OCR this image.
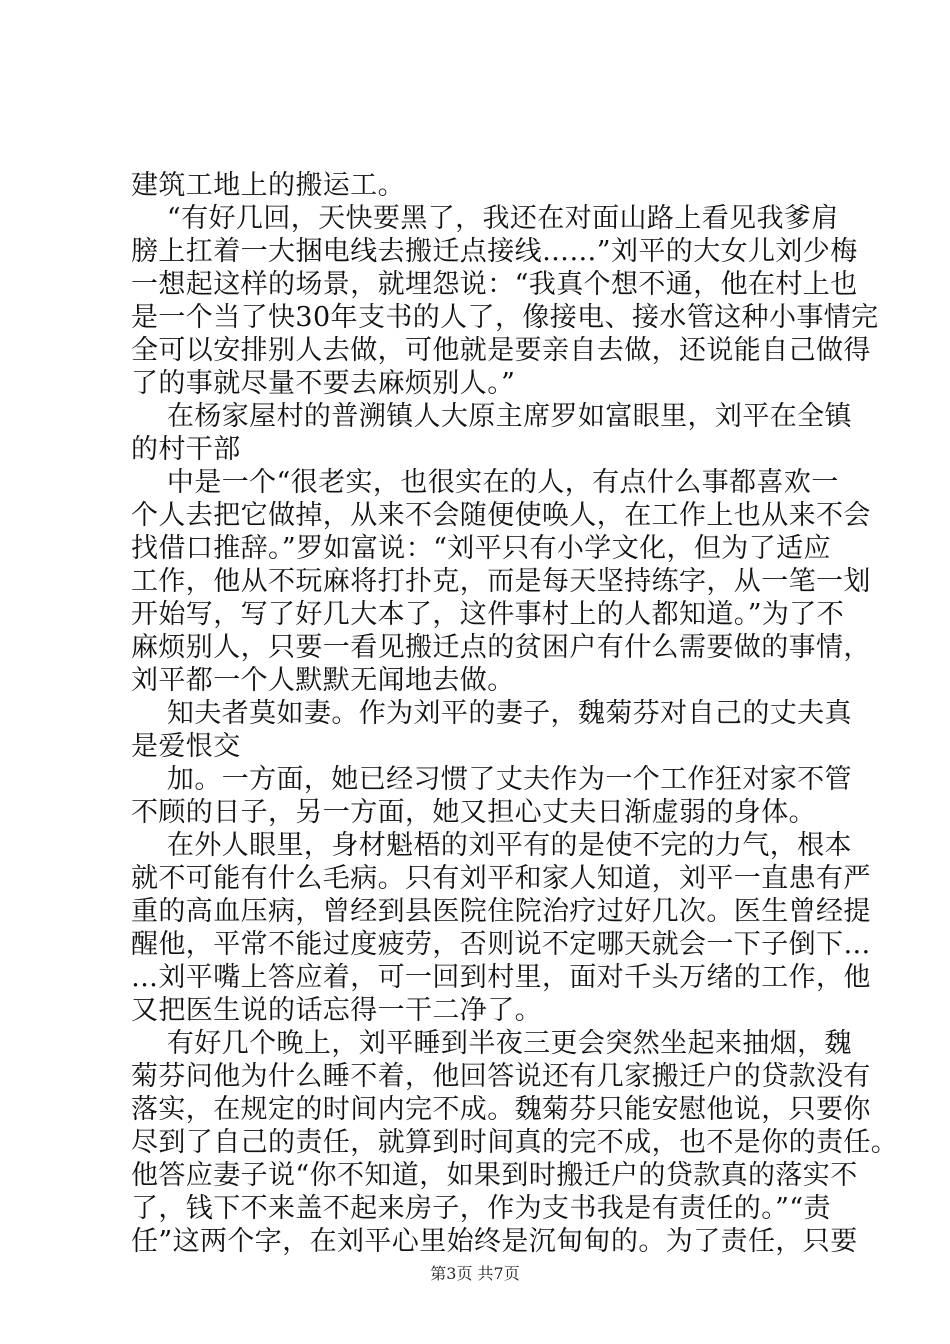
建筑工地上的搬运工。
“有好几回，天快要黑了，我还在对面山路上看见我爹肩
膀上扛着一大捆电线去搬迁点接线……”刘平的大女儿刘少梅
一想起这样的场景，就埋怨说：“我真个想不通，他在村上也
是一个当了快30年支书的人了，像接电、接水管这种小事情完
全可以安排别人去做，可他就是要亲自去做，还说能自己做得
了的事就尽量不要去麻烦别人。”
在杨家屋村的普溯镇人大原主席罗如富眼里，刘平在全镇
的村干部
中是一个“很老实，也很实在的人，有点什么事都喜欢一
个人去把它做掉，从来不会随便使唤人，在工作上也从来不会
找借口推辞。”罗如富说：“刘平只有小学文化，但为了适应
工作，他从不玩麻将打扑克，而是每天坚持练字，从一笔一划
开始写，写了好几大本了，这件事村上的人都知道。”为了不
麻烦别人，只要一看见搬迁点的贫困户有什么需要做的事情，
刘平都一个人默默无闻地去做。
知夫者莫如妻。作为刘平的妻子，魏菊芬对自己的丈夫真
是爱恨交
加。一方面，她已经习惯了丈夫作为一个工作狂对家不管
不顾的日子，另一方面，她又担心丈夫日渐虚弱的身体。
在外人眼里，身材魁梧的刘平有的是使不完的力气，根本
就不可能有什么毛病。只有刘平和家人知道，刘平一直患有严
重的高血压病，曾经到县医院住院治疗过好几次。医生曾经提
醒他，平常不能过度疲劳，否则说不定哪天就会一下子倒下…
…刘平嘴上答应着，可一回到村里，面对千头万绪的工作，他
又把医生说的话忘得一干二净了。
有好几个晚上，刘平睡到半夜三更会突然坐起来抽烟，魏
菊芬问他为什么睡不着，他回答说还有几家搬迁户的贷款没有
落实，在规定的时间内完不成。魏菊芬只能安慰他说，只要你
尽到了自己的责任，就算到时间真的完不成，也不是你的责任。
他答应妻子说“你不知道，如果到时搬迁户的贷款真的落实不
了，钱下不来盖不起来房子，作为支书我是有责任的。”“责
任”这两个字，在刘平心里始终是沉甸甸的。为了责任，只要
第3页 共7页
